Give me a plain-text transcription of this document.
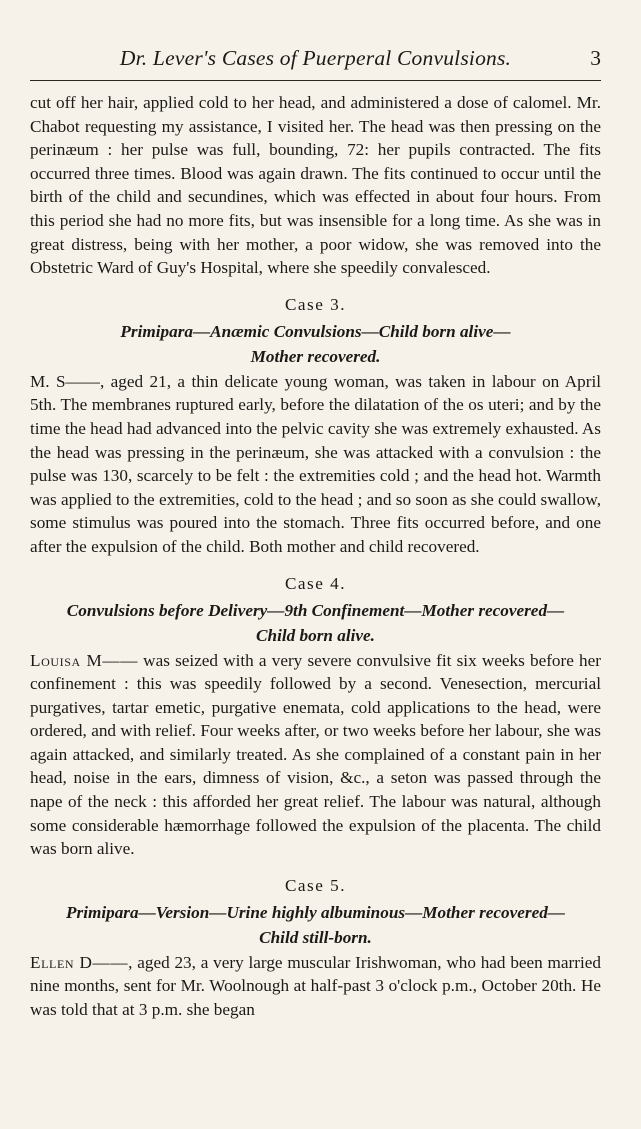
Dr. Lever's Cases of Puerperal Convulsions.	3

cut off her hair, applied cold to her head, and administered a dose of calomel. Mr. Chabot requesting my assistance, I visited her. The head was then pressing on the perinæum : her pulse was full, bounding, 72: her pupils contracted. The fits occurred three times. Blood was again drawn. The fits continued to occur until the birth of the child and secundines, which was effected in about four hours. From this period she had no more fits, but was insensible for a long time. As she was in great distress, being with her mother, a poor widow, she was removed into the Obstetric Ward of Guy's Hospital, where she speedily convalesced.

Case 3.
Primipara—Anæmic Convulsions—Child born alive—
Mother recovered.

M. S——, aged 21, a thin delicate young woman, was taken in labour on April 5th. The membranes ruptured early, before the dilatation of the os uteri; and by the time the head had advanced into the pelvic cavity she was extremely exhausted. As the head was pressing in the perinæum, she was attacked with a convulsion : the pulse was 130, scarcely to be felt : the extremities cold ; and the head hot. Warmth was applied to the extremities, cold to the head ; and so soon as she could swallow, some stimulus was poured into the stomach. Three fits occurred before, and one after the expulsion of the child. Both mother and child recovered.

Case 4.
Convulsions before Delivery—9th Confinement—Mother recovered—
Child born alive.

Louisa M—— was seized with a very severe convulsive fit six weeks before her confinement : this was speedily followed by a second. Venesection, mercurial purgatives, tartar emetic, purgative enemata, cold applications to the head, were ordered, and with relief. Four weeks after, or two weeks before her labour, she was again attacked, and similarly treated. As she complained of a constant pain in her head, noise in the ears, dimness of vision, &c., a seton was passed through the nape of the neck : this afforded her great relief. The labour was natural, although some considerable hæmorrhage followed the expulsion of the placenta. The child was born alive.

Case 5.
Primipara—Version—Urine highly albuminous—Mother recovered—
Child still-born.

Ellen D——, aged 23, a very large muscular Irishwoman, who had been married nine months, sent for Mr. Woolnough at half-past 3 o'clock p.m., October 20th. He was told that at 3 p.m. she began
